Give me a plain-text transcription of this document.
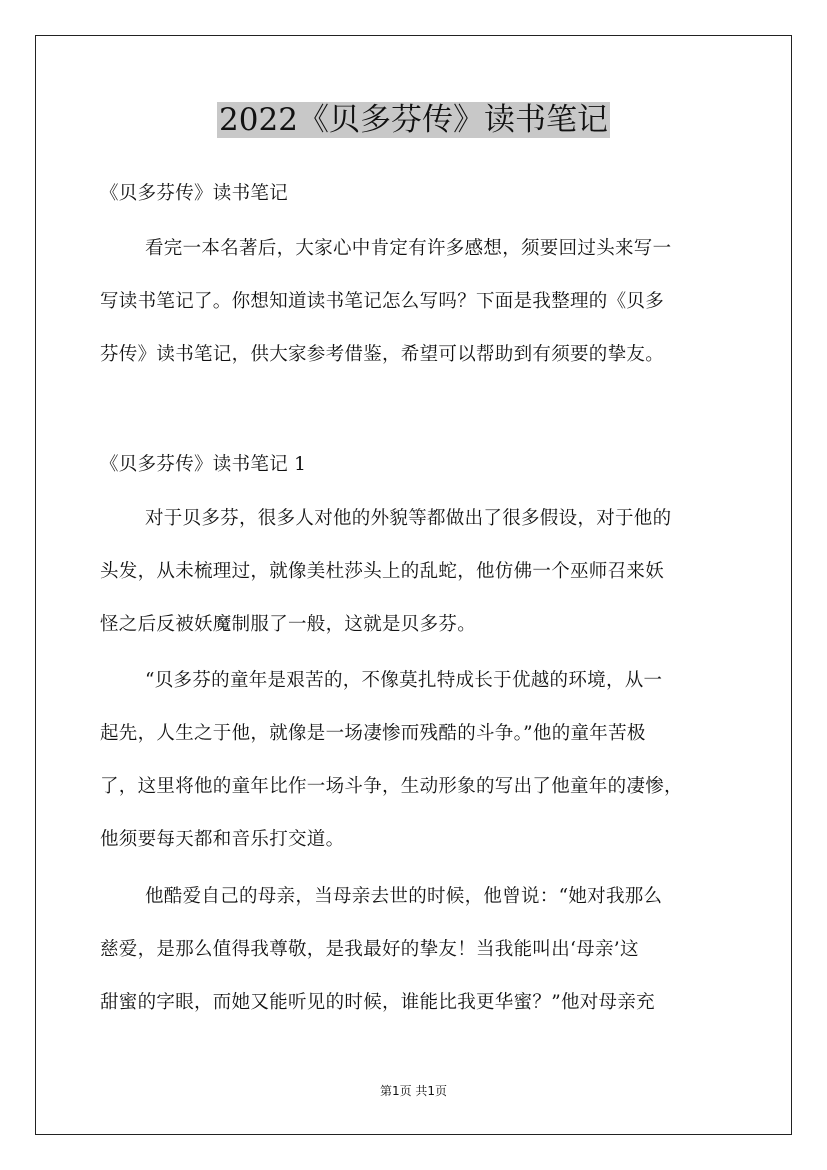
2022《贝多芬传》读书笔记
《贝多芬传》读书笔记
看完一本名著后，大家心中肯定有许多感想，须要回过头来写一
写读书笔记了。你想知道读书笔记怎么写吗？下面是我整理的《贝多
芬传》读书笔记，供大家参考借鉴，希望可以帮助到有须要的挚友。
《贝多芬传》读书笔记 1
对于贝多芬，很多人对他的外貌等都做出了很多假设，对于他的
头发，从未梳理过，就像美杜莎头上的乱蛇，他仿佛一个巫师召来妖
怪之后反被妖魔制服了一般，这就是贝多芬。
“贝多芬的童年是艰苦的，不像莫扎特成长于优越的环境，从一
起先，人生之于他，就像是一场凄惨而残酷的斗争。”他的童年苦极
了，这里将他的童年比作一场斗争，生动形象的写出了他童年的凄惨，
他须要每天都和音乐打交道。
他酷爱自己的母亲，当母亲去世的时候，他曾说：“她对我那么
慈爱，是那么值得我尊敬，是我最好的挚友！当我能叫出‘母亲’这
甜蜜的字眼，而她又能听见的时候，谁能比我更华蜜？”他对母亲充
第1页 共1页
